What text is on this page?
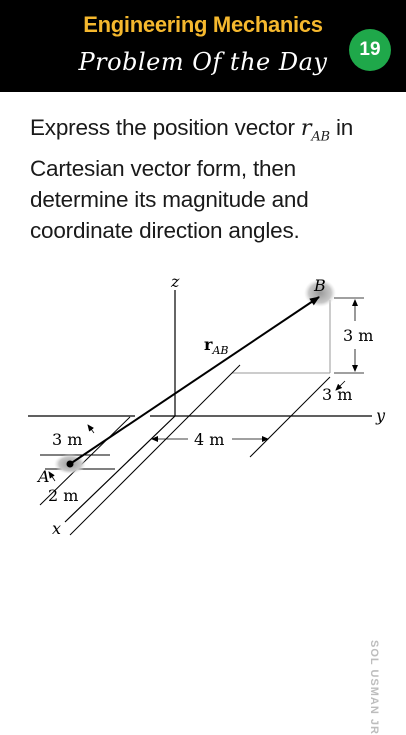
Engineering Mechanics
Problem Of the Day	19
Express the position vector $r_{AB}$ in Cartesian vector form, then determine its magnitude and coordinate direction angles.
z
y
x
B
A
$r_{AB}$
3 m
3 m
4 m
3 m
2 m
SOL USMAN JR
